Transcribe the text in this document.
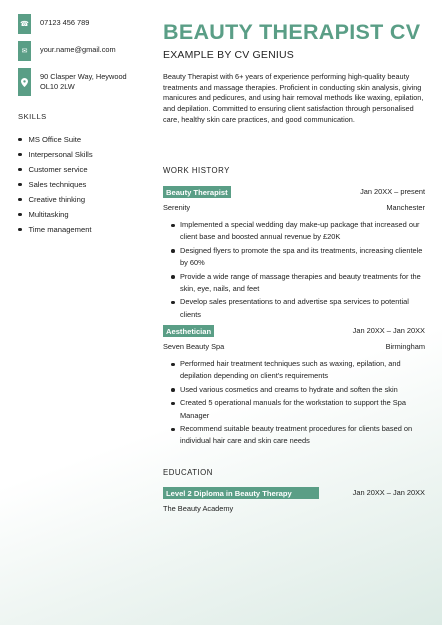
☎ 07123 456 789
✉	your.name@gmail.com
90 Clasper Way, Heywood
OL10 2LW
SKILLS
MS Office Suite
Interpersonal Skills
Customer service
Sales techniques
Creative thinking
Multitasking
Time management
BEAUTY THERAPIST CV
EXAMPLE BY CV GENIUS

Beauty Therapist with 6+ years of experience performing high-quality beauty treatments and massage therapies. Proficient in conducting skin analysis, giving manicures and pedicures, and using hair removal methods like waxing, epilation, and depilation. Committed to ensuring client satisfaction through personalised care, healthy skin care practices, and good communication.

WORK HISTORY
Beauty Therapist	Jan 20XX – present
Serenity	Manchester
Implemented a special wedding day make-up package that increased our client base and boosted annual revenue by £20K
Designed flyers to promote the spa and its treatments, increasing clientele by 60%
Provide a wide range of massage therapies and beauty treatments for the skin, eye, nails, and feet
Develop sales presentations to and advertise spa services to potential clients
Aesthetician	Jan 20XX – Jan 20XX
Seven Beauty Spa	Birmingham
Performed hair treatment techniques such as waxing, epilation, and depilation depending on client's requirements
Used various cosmetics and creams to hydrate and soften the skin
Created 5 operational manuals for the workstation to support the Spa Manager
Recommend suitable beauty treatment procedures for clients based on individual hair care and skin care needs
EDUCATION
Level 2 Diploma in Beauty Therapy	Jan 20XX – Jan 20XX
The Beauty Academy
